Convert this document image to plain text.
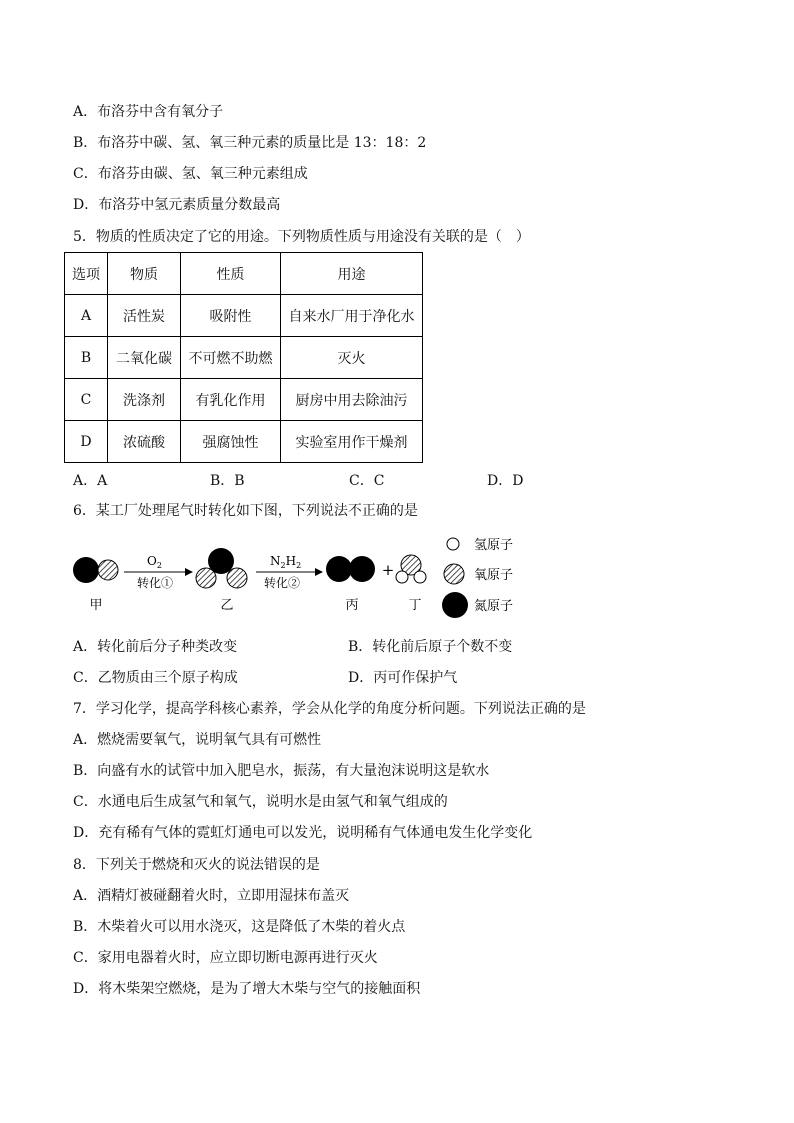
A．布洛芬中含有氧分子
B．布洛芬中碳、氢、氧三种元素的质量比是 13：18：2
C．布洛芬由碳、氢、氧三种元素组成
D．布洛芬中氢元素质量分数最高
5．物质的性质决定了它的用途。下列物质性质与用途没有关联的是（　）
选项	物质	性质	用途
A	活性炭	吸附性	自来水厂用于净化水
B	二氧化碳	不可燃不助燃	灭火
C	洗涤剂	有乳化作用	厨房中用去除油污
D	浓硫酸	强腐蚀性	实验室用作干燥剂
A．A	B．B	C．C	D．D
6．某工厂处理尾气时转化如下图，下列说法不正确的是
甲
$O_2$
转化①
乙
$N_2H_2$
转化②
丙
+
丁
氢原子
氧原子
氮原子
A．转化前后分子种类改变	B．转化前后原子个数不变
C．乙物质由三个原子构成	D．丙可作保护气
7．学习化学，提高学科核心素养，学会从化学的角度分析问题。下列说法正确的是
A．燃烧需要氧气，说明氧气具有可燃性
B．向盛有水的试管中加入肥皂水，振荡，有大量泡沫说明这是软水
C．水通电后生成氢气和氧气，说明水是由氢气和氧气组成的
D．充有稀有气体的霓虹灯通电可以发光，说明稀有气体通电发生化学变化
8．下列关于燃烧和灭火的说法错误的是
A．酒精灯被碰翻着火时，立即用湿抹布盖灭
B．木柴着火可以用水浇灭，这是降低了木柴的着火点
C．家用电器着火时，应立即切断电源再进行灭火
D．将木柴架空燃烧，是为了增大木柴与空气的接触面积
